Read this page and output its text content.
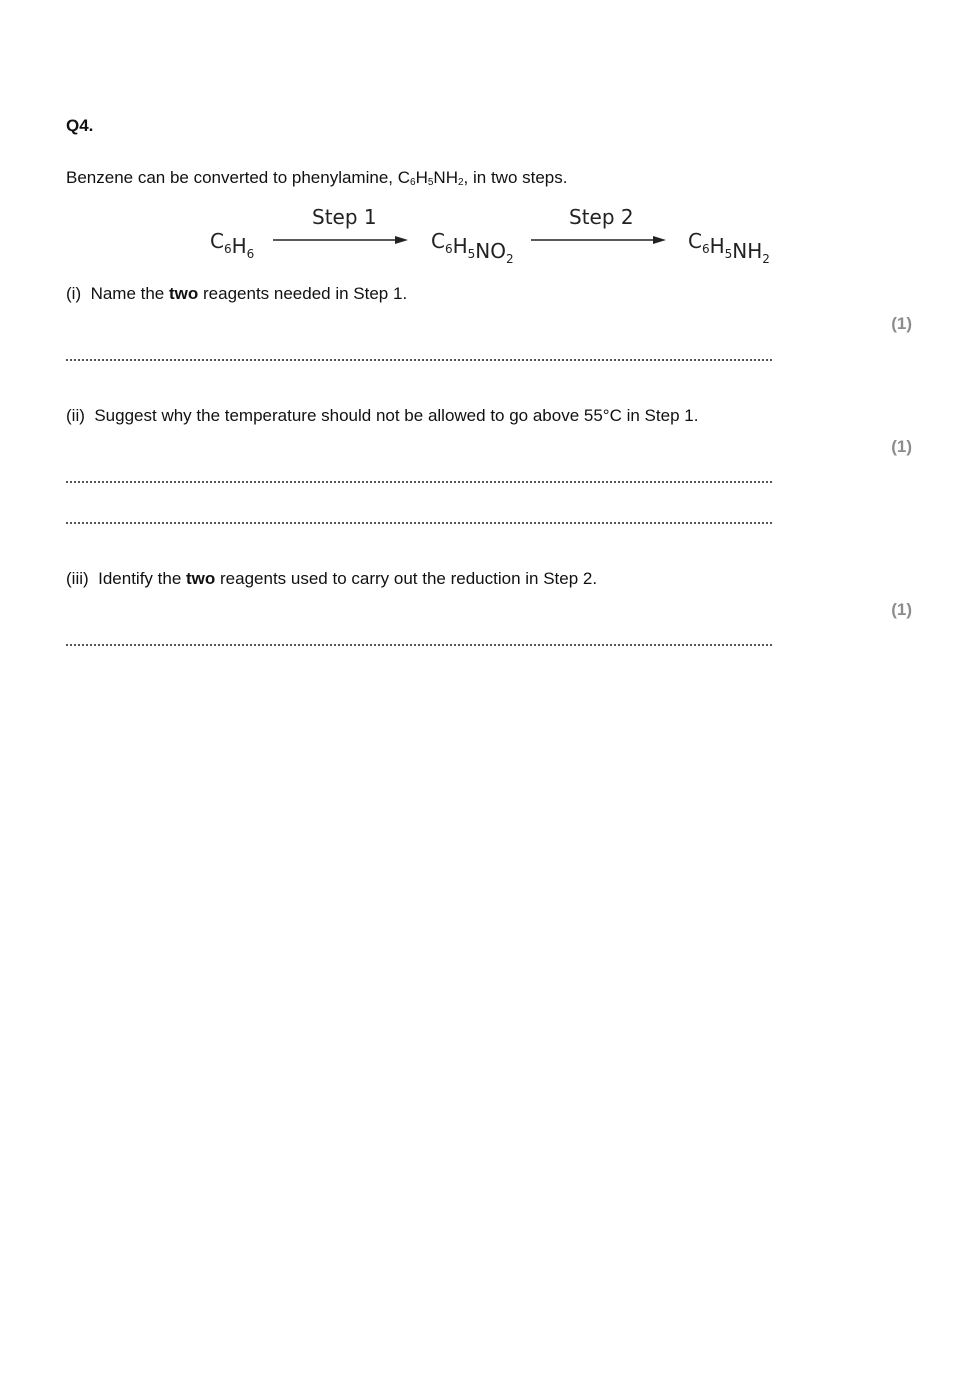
Q4.
Benzene can be converted to phenylamine, $C_6H_5NH_2$, in two steps.
Step 1	Step 2
$C_6H_6$
$C_6H_5NO_2$
$C_6H_5NH_2$
(i) Name the two reagents needed in Step 1.
(1)
(ii) Suggest why the temperature should not be allowed to go above 55°C in Step 1.
(1)
(iii) Identify the two reagents used to carry out the reduction in Step 2.
(1)
